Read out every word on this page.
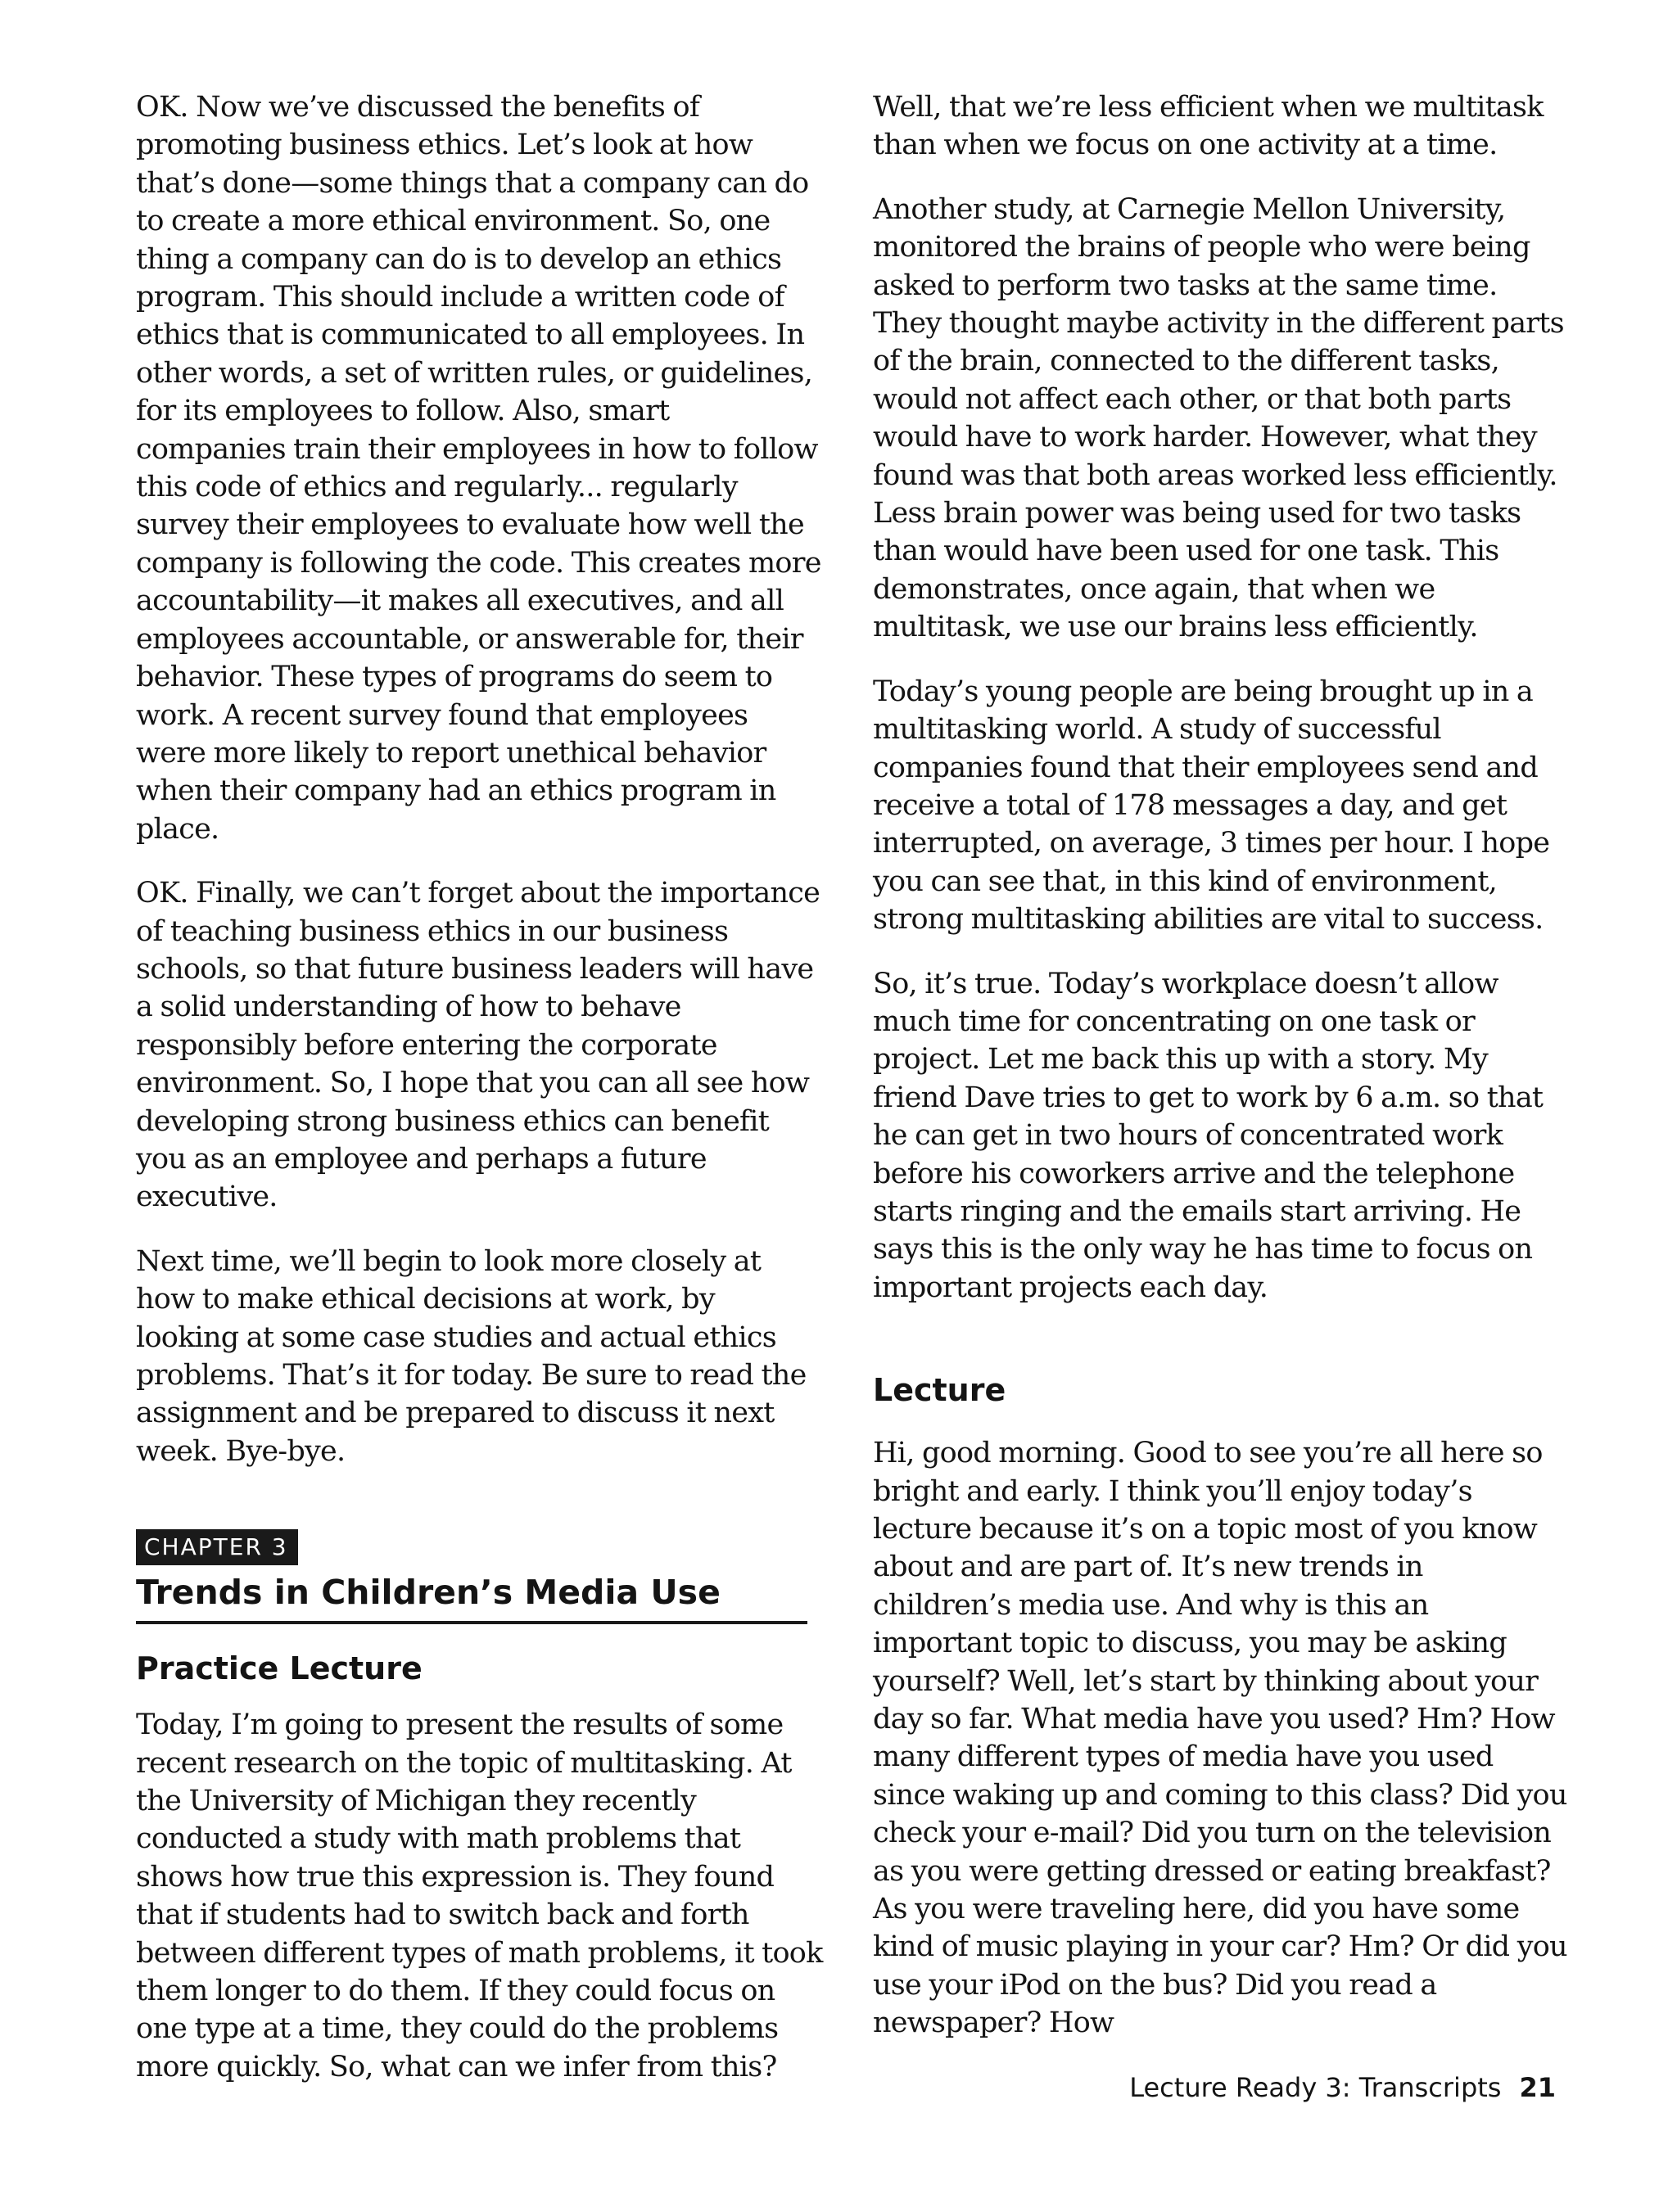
OK. Now we’ve discussed the benefits of promoting business ethics. Let’s look at how that’s done—some things that a company can do to create a more ethical environment. So, one thing a company can do is to develop an ethics program. This should include a written code of ethics that is communicated to all employees. In other words, a set of written rules, or guidelines, for its employees to follow. Also, smart companies train their employees in how to follow this code of ethics and regularly... regularly survey their employees to evaluate how well the company is following the code. This creates more accountability—it makes all executives, and all employees accountable, or answerable for, their behavior. These types of programs do seem to work. A recent survey found that employees were more likely to report unethical behavior when their company had an ethics program in place.

OK. Finally, we can’t forget about the importance of teaching business ethics in our business schools, so that future business leaders will have a solid understanding of how to behave responsibly before entering the corporate environment. So, I hope that you can all see how developing strong business ethics can benefit you as an employee and perhaps a future executive.

Next time, we’ll begin to look more closely at how to make ethical decisions at work, by looking at some case studies and actual ethics problems. That’s it for today. Be sure to read the assignment and be prepared to discuss it next week. Bye-bye.

CHAPTER 3
Trends in Children’s Media Use
Practice Lecture

Today, I’m going to present the results of some recent research on the topic of multitasking. At the University of Michigan they recently conducted a study with math problems that shows how true this expression is. They found that if students had to switch back and forth between different types of math problems, it took them longer to do them. If they could focus on one type at a time, they could do the problems more quickly. So, what can we infer from this?

Well, that we’re less efficient when we multitask than when we focus on one activity at a time.

Another study, at Carnegie Mellon University, monitored the brains of people who were being asked to perform two tasks at the same time. They thought maybe activity in the different parts of the brain, connected to the different tasks, would not affect each other, or that both parts would have to work harder. However, what they found was that both areas worked less efficiently. Less brain power was being used for two tasks than would have been used for one task. This demonstrates, once again, that when we multitask, we use our brains less efficiently.

Today’s young people are being brought up in a multitasking world. A study of successful companies found that their employees send and receive a total of 178 messages a day, and get interrupted, on average, 3 times per hour. I hope you can see that, in this kind of environment, strong multitasking abilities are vital to success.

So, it’s true. Today’s workplace doesn’t allow much time for concentrating on one task or project. Let me back this up with a story. My friend Dave tries to get to work by 6 a.m. so that he can get in two hours of concentrated work before his coworkers arrive and the telephone starts ringing and the emails start arriving. He says this is the only way he has time to focus on important projects each day.

Lecture

Hi, good morning. Good to see you’re all here so bright and early. I think you’ll enjoy today’s lecture because it’s on a topic most of you know about and are part of. It’s new trends in children’s media use. And why is this an important topic to discuss, you may be asking yourself? Well, let’s start by thinking about your day so far. What media have you used? Hm? How many different types of media have you used since waking up and coming to this class? Did you check your e-mail? Did you turn on the television as you were getting dressed or eating breakfast? As you were traveling here, did you have some kind of music playing in your car? Hm? Or did you use your iPod on the bus? Did you read a newspaper? How

Lecture Ready 3: Transcripts 21
